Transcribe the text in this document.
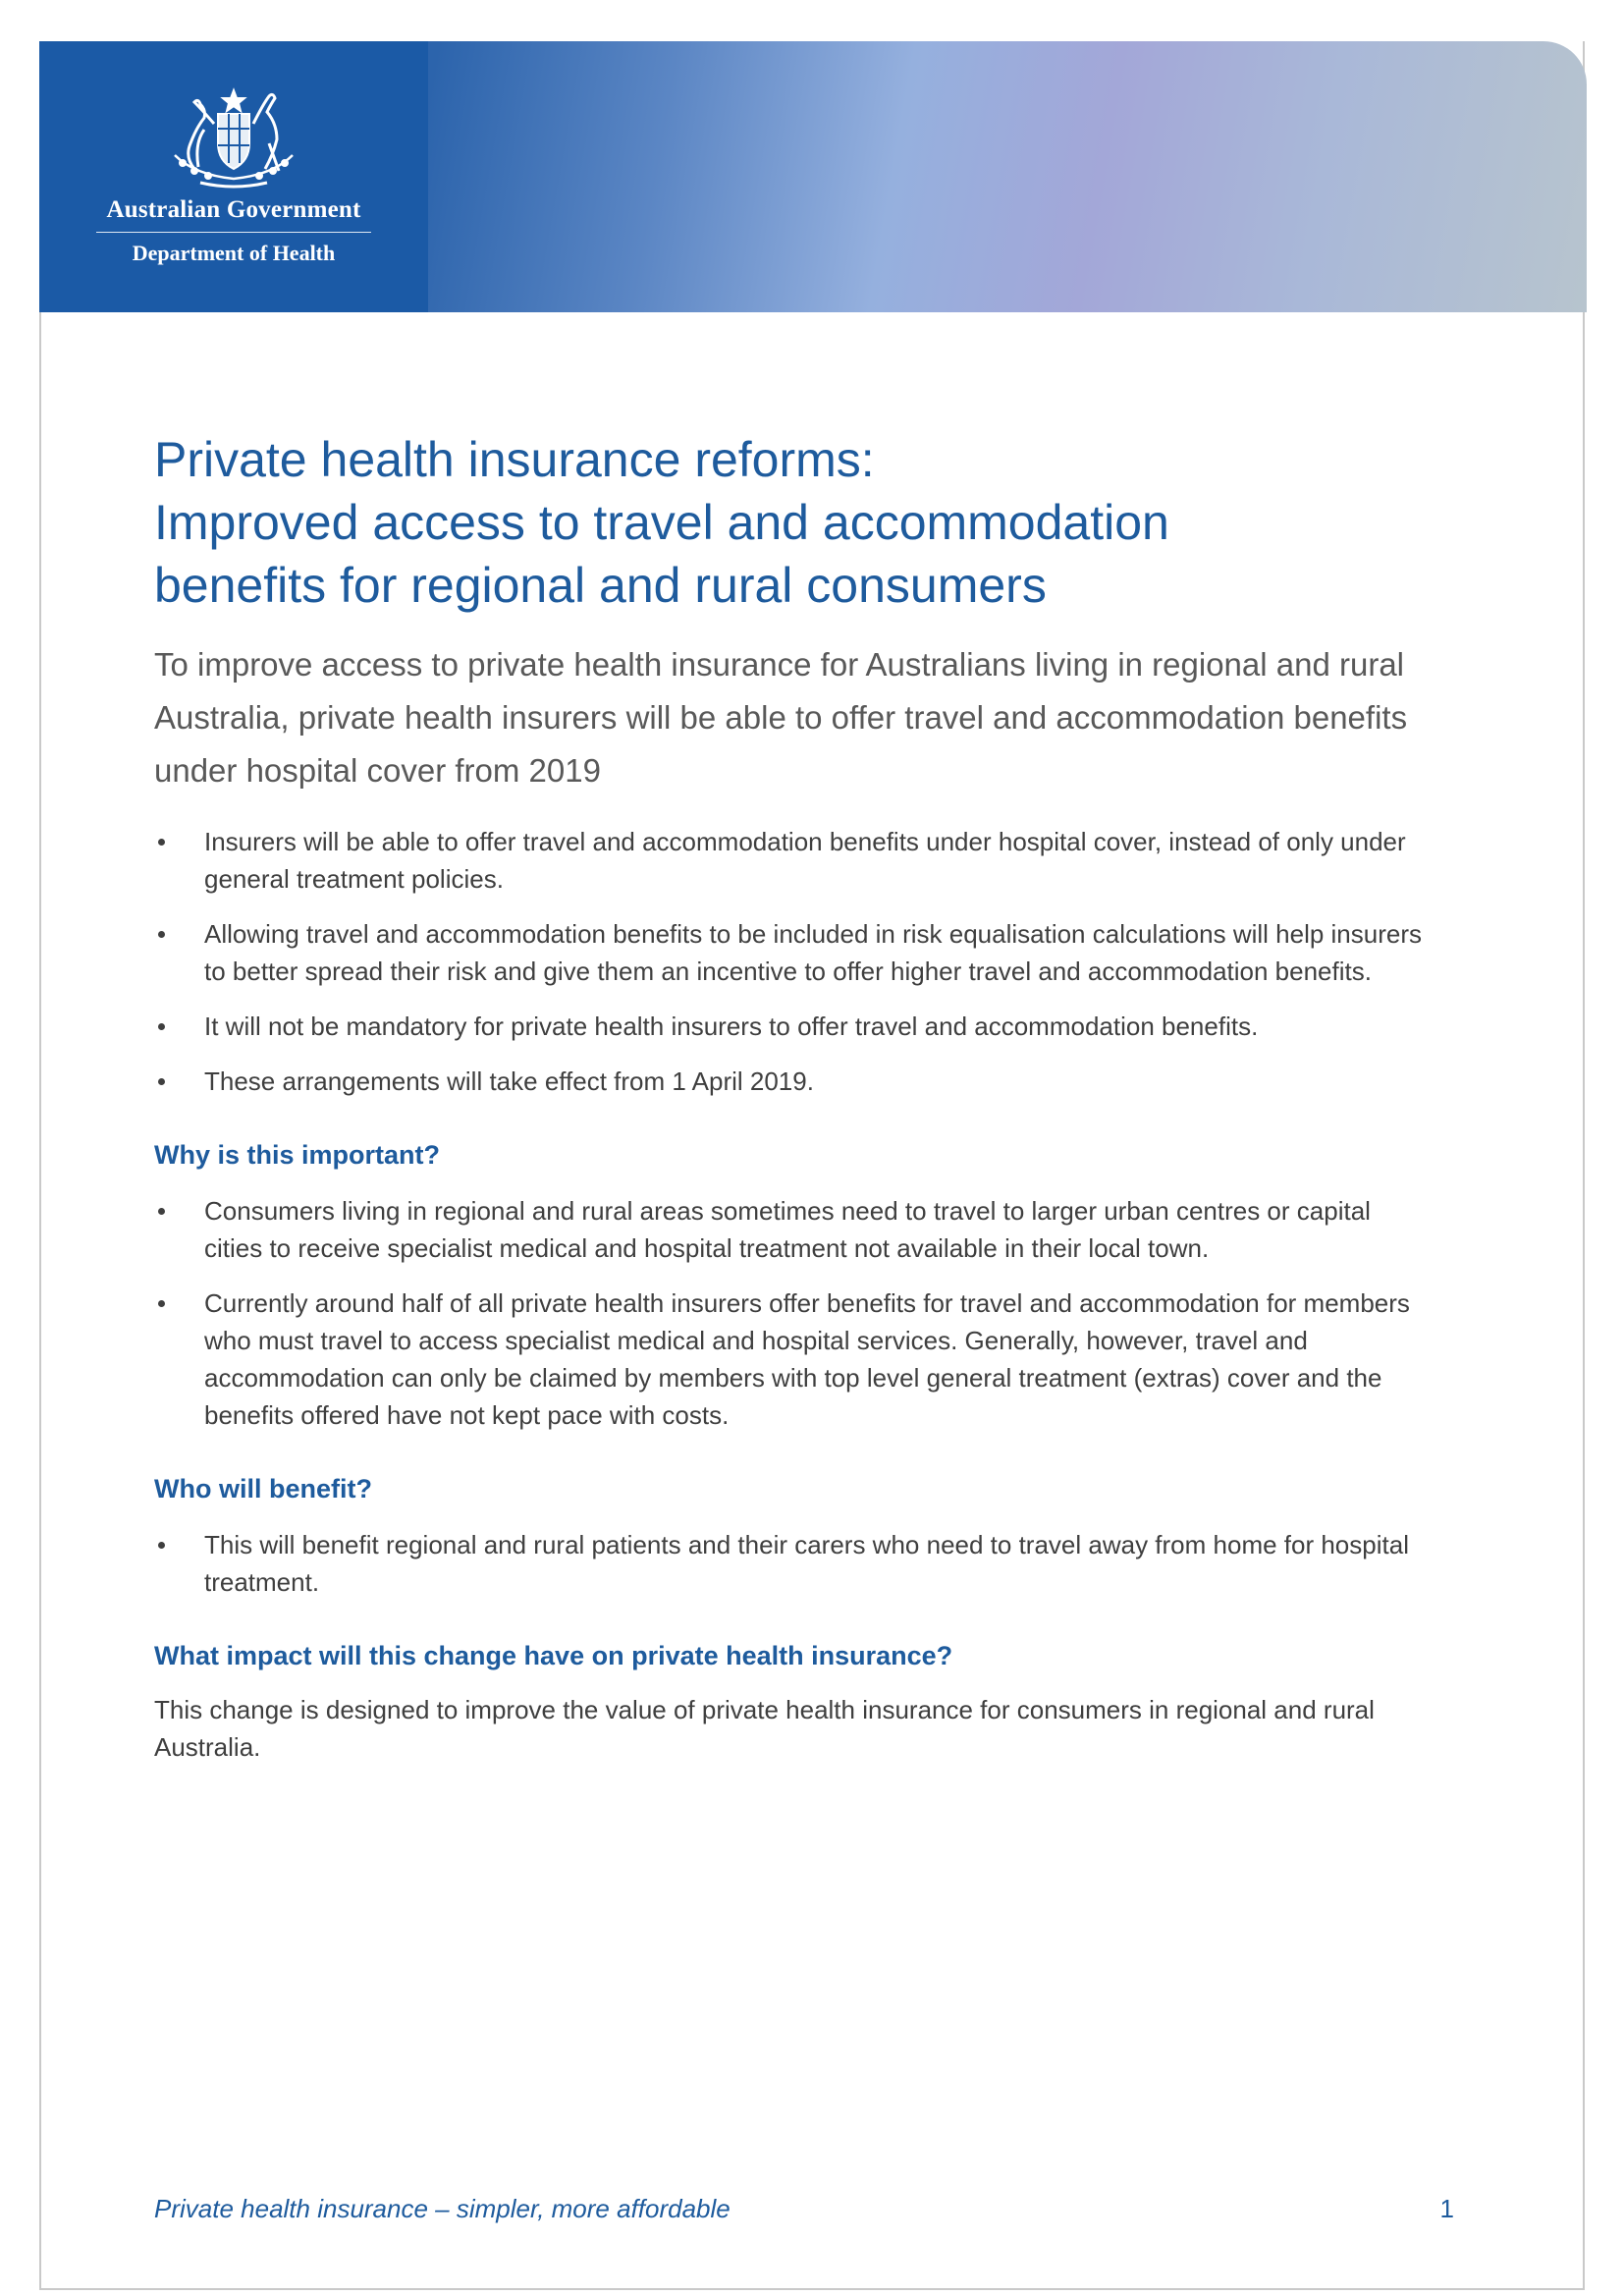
Australian Government
Department of Health
Private health insurance reforms:
Improved access to travel and accommodation
benefits for regional and rural consumers

To improve access to private health insurance for Australians living in regional and rural Australia, private health insurers will be able to offer travel and accommodation benefits under hospital cover from 2019

Insurers will be able to offer travel and accommodation benefits under hospital cover, instead of only under general treatment policies.
Allowing travel and accommodation benefits to be included in risk equalisation calculations will help insurers to better spread their risk and give them an incentive to offer higher travel and accommodation benefits.
It will not be mandatory for private health insurers to offer travel and accommodation benefits.
These arrangements will take effect from 1 April 2019.
Why is this important?
Consumers living in regional and rural areas sometimes need to travel to larger urban centres or capital cities to receive specialist medical and hospital treatment not available in their local town.
Currently around half of all private health insurers offer benefits for travel and accommodation for members who must travel to access specialist medical and hospital services. Generally, however, travel and accommodation can only be claimed by members with top level general treatment (extras) cover and the benefits offered have not kept pace with costs.
Who will benefit?
This will benefit regional and rural patients and their carers who need to travel away from home for hospital treatment.
What impact will this change have on private health insurance?

This change is designed to improve the value of private health insurance for consumers in regional and rural Australia.

Private health insurance – simpler, more affordable	1
